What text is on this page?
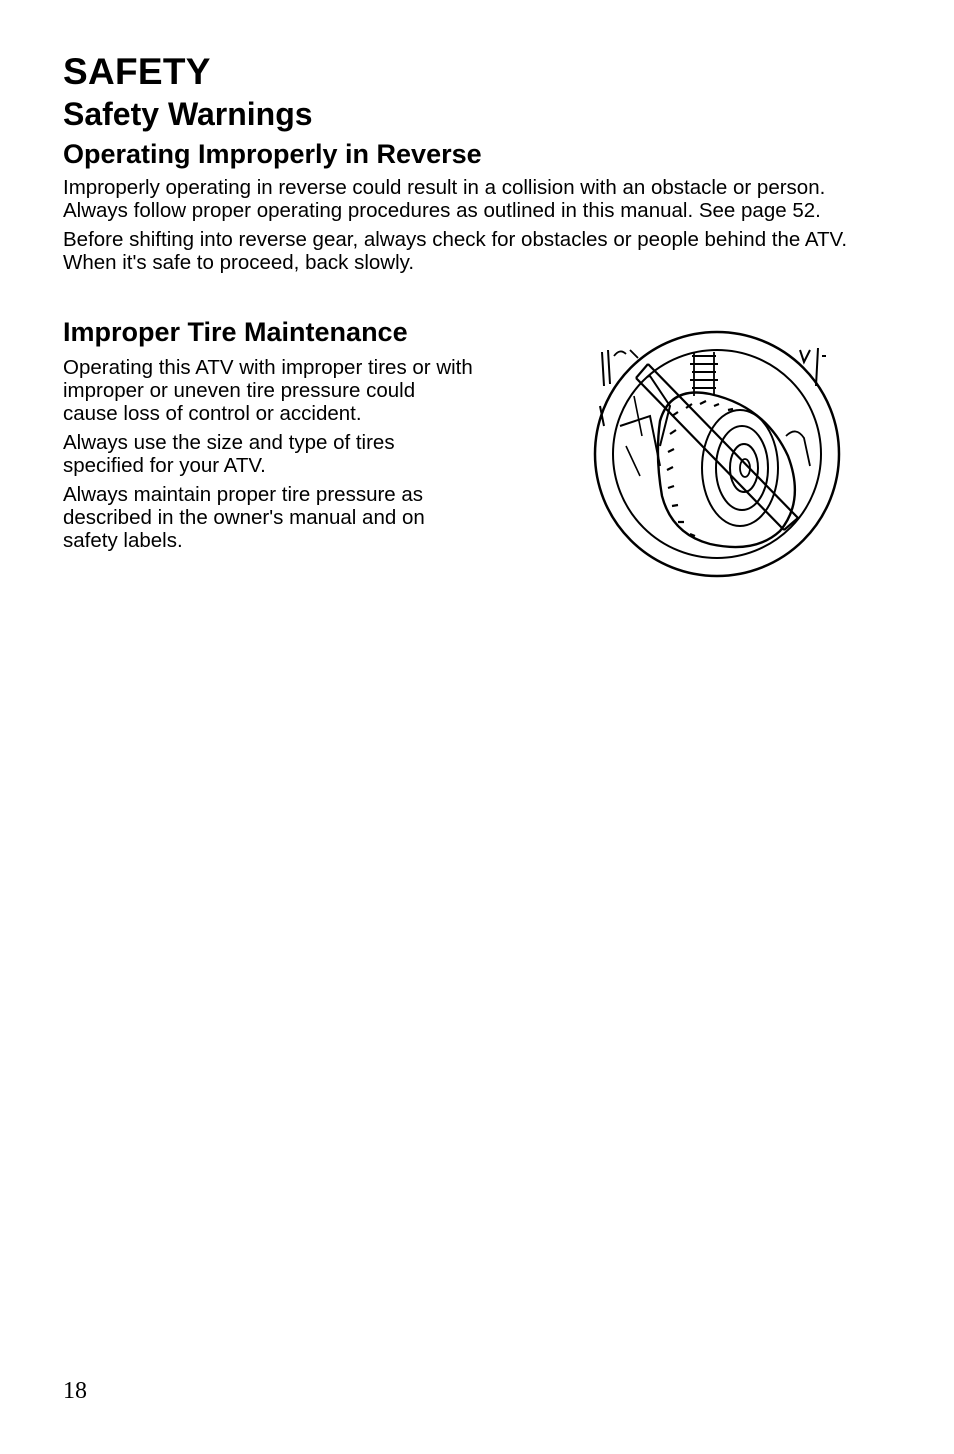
SAFETY
Safety Warnings
Operating Improperly in Reverse

Improperly operating in reverse could result in a collision with an obstacle or person. Always follow proper operating procedures as outlined in this manual. See page 52.

Before shifting into reverse gear, always check for obstacles or people behind the ATV. When it's safe to proceed, back slowly.

Improper Tire Maintenance

Operating this ATV with improper tires or with improper or uneven tire pressure could cause loss of control or accident.

Always use the size and type of tires specified for your ATV.

Always maintain proper tire pressure as described in the owner's manual and on safety labels.

18
